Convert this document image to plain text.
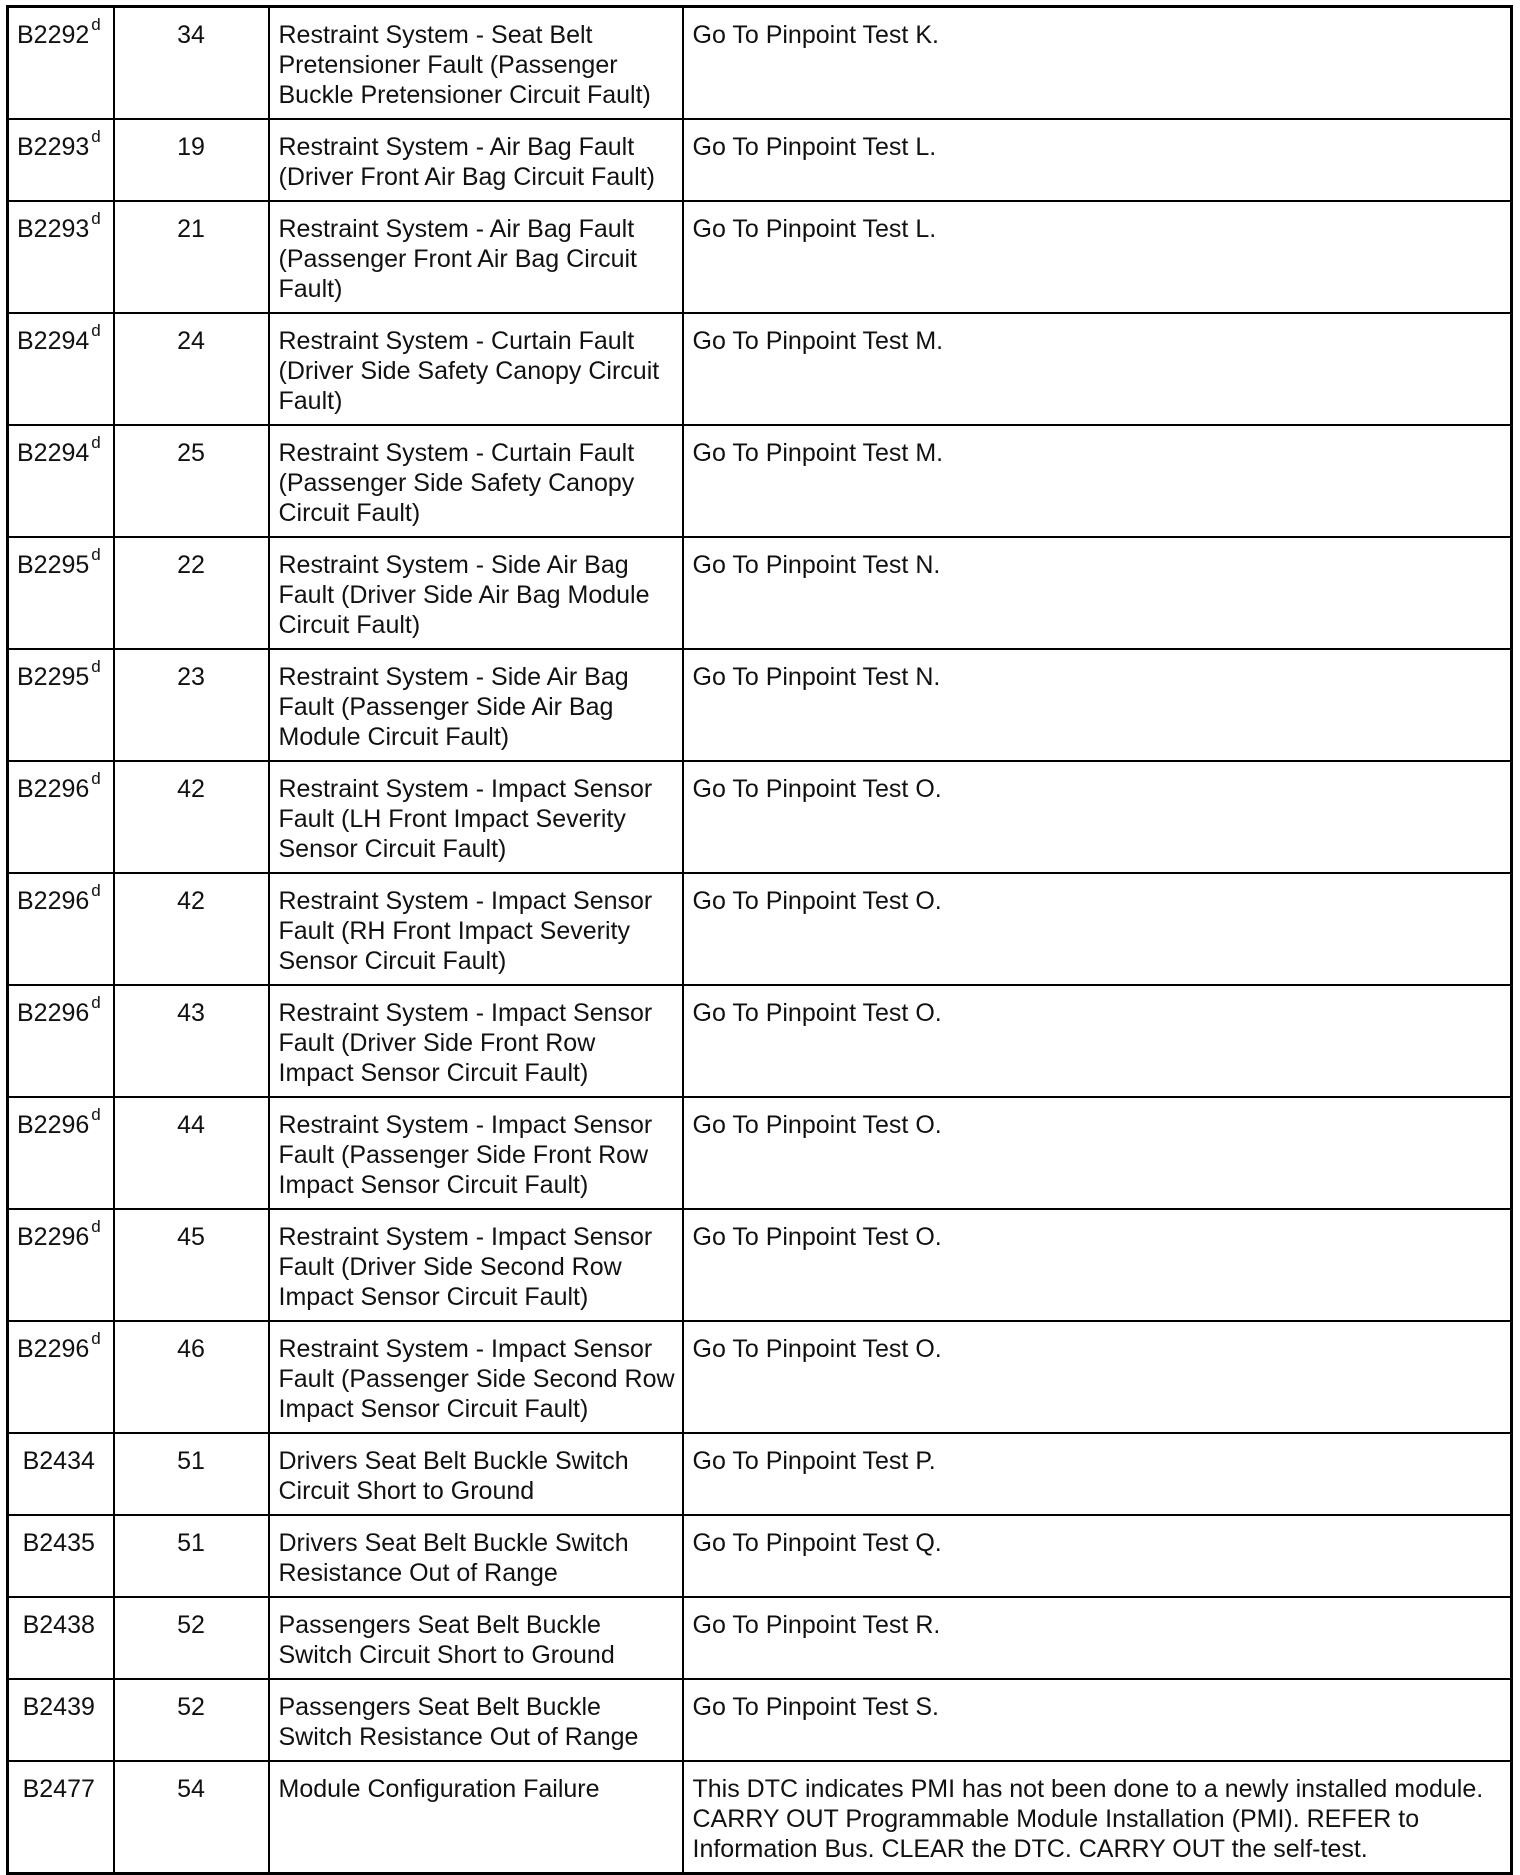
B2292 $^d$	34	Restraint System - Seat Belt Pretensioner Fault (Passenger Buckle Pretensioner Circuit Fault)	Go To Pinpoint Test K.
B2293 $^d$	19	Restraint System - Air Bag Fault (Driver Front Air Bag Circuit Fault)	Go To Pinpoint Test L.
B2293 $^d$	21	Restraint System - Air Bag Fault (Passenger Front Air Bag Circuit Fault)	Go To Pinpoint Test L.
B2294 $^d$	24	Restraint System - Curtain Fault (Driver Side Safety Canopy Circuit Fault)	Go To Pinpoint Test M.
B2294 $^d$	25	Restraint System - Curtain Fault (Passenger Side Safety Canopy Circuit Fault)	Go To Pinpoint Test M.
B2295 $^d$	22	Restraint System - Side Air Bag Fault (Driver Side Air Bag Module Circuit Fault)	Go To Pinpoint Test N.
B2295 $^d$	23	Restraint System - Side Air Bag Fault (Passenger Side Air Bag Module Circuit Fault)	Go To Pinpoint Test N.
B2296 $^d$	42	Restraint System - Impact Sensor Fault (LH Front Impact Severity Sensor Circuit Fault)	Go To Pinpoint Test O.
B2296 $^d$	42	Restraint System - Impact Sensor Fault (RH Front Impact Severity Sensor Circuit Fault)	Go To Pinpoint Test O.
B2296 $^d$	43	Restraint System - Impact Sensor Fault (Driver Side Front Row Impact Sensor Circuit Fault)	Go To Pinpoint Test O.
B2296 $^d$	44	Restraint System - Impact Sensor Fault (Passenger Side Front Row Impact Sensor Circuit Fault)	Go To Pinpoint Test O.
B2296 $^d$	45	Restraint System - Impact Sensor Fault (Driver Side Second Row Impact Sensor Circuit Fault)	Go To Pinpoint Test O.
B2296 $^d$	46	Restraint System - Impact Sensor Fault (Passenger Side Second Row Impact Sensor Circuit Fault)	Go To Pinpoint Test O.
B2434	51	Drivers Seat Belt Buckle Switch Circuit Short to Ground	Go To Pinpoint Test P.
B2435	51	Drivers Seat Belt Buckle Switch Resistance Out of Range	Go To Pinpoint Test Q.
B2438	52	Passengers Seat Belt Buckle Switch Circuit Short to Ground	Go To Pinpoint Test R.
B2439	52	Passengers Seat Belt Buckle Switch Resistance Out of Range	Go To Pinpoint Test S.
B2477	54	Module Configuration Failure	This DTC indicates PMI has not been done to a newly installed module. CARRY OUT Programmable Module Installation (PMI). REFER to Information Bus. CLEAR the DTC. CARRY OUT the self-test.
